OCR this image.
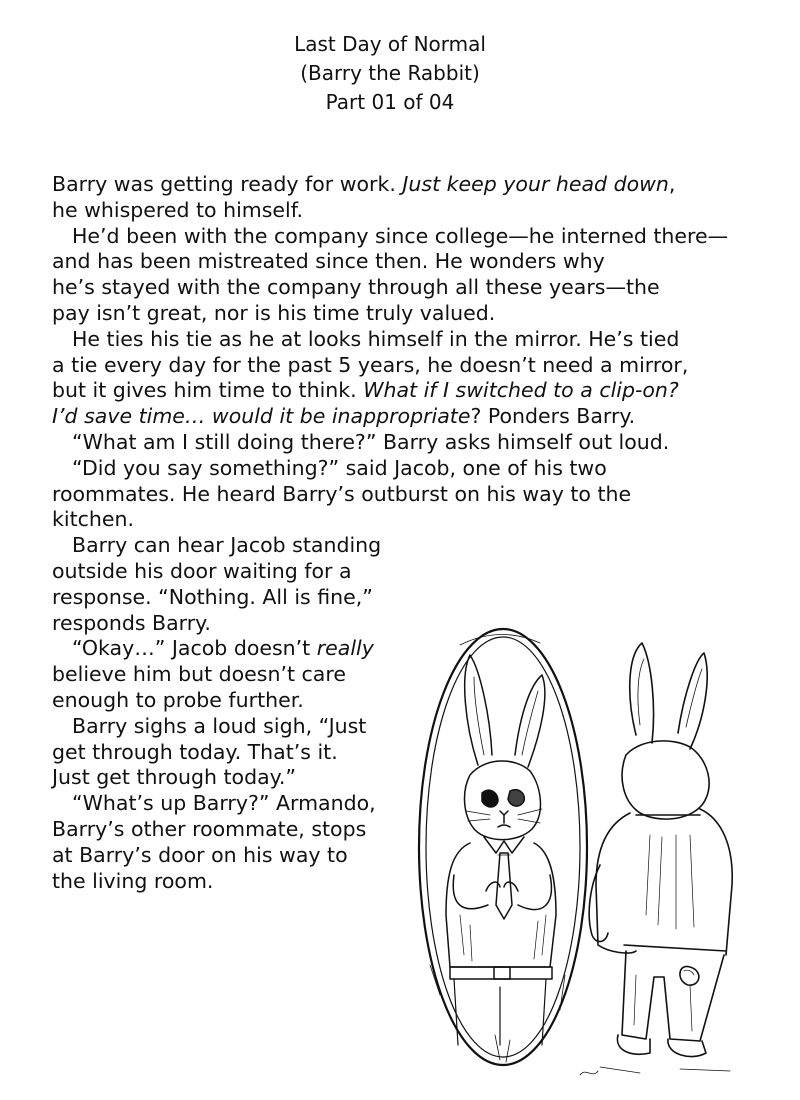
Last Day of Normal
(Barry the Rabbit)
Part 01 of 04
Barry was getting ready for work. Just keep your head down,
he whispered to himself.
He’d been with the company since college—he interned there—
and has been mistreated since then. He wonders why
he’s stayed with the company through all these years—the
pay isn’t great, nor is his time truly valued.
He ties his tie as he at looks himself in the mirror. He’s tied
a tie every day for the past 5 years, he doesn’t need a mirror,
but it gives him time to think. What if I switched to a clip-on?
I’d save time… would it be inappropriate? Ponders Barry.
“What am I still doing there?” Barry asks himself out loud.
“Did you say something?” said Jacob, one of his two
roommates. He heard Barry’s outburst on his way to the
kitchen.
Barry can hear Jacob standing
outside his door waiting for a
response. “Nothing. All is fine,”
responds Barry.
“Okay…” Jacob doesn’t really
believe him but doesn’t care
enough to probe further.
Barry sighs a loud sigh, “Just
get through today. That’s it.
Just get through today.”
“What’s up Barry?” Armando,
Barry’s other roommate, stops
at Barry’s door on his way to
the living room.
